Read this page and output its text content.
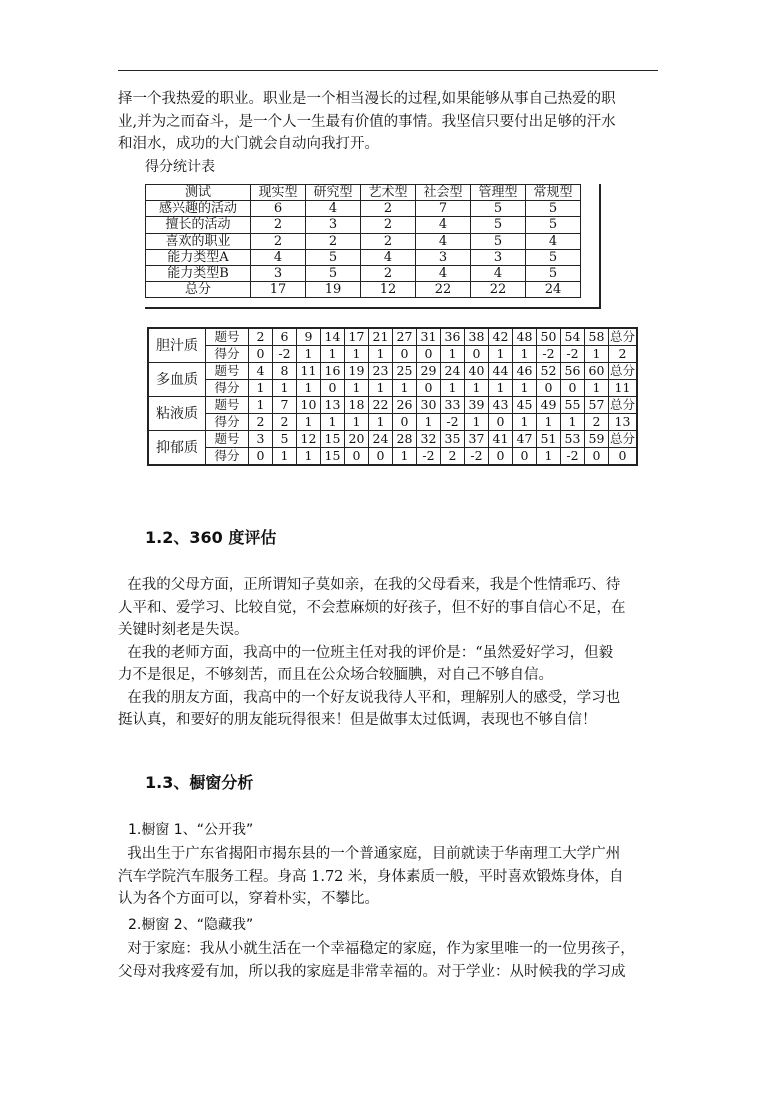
择一个我热爱的职业。职业是一个相当漫长的过程,如果能够从事自己热爱的职
业,并为之而奋斗，是一个人一生最有价值的事情。我坚信只要付出足够的汗水
和泪水，成功的大门就会自动向我打开。

得分统计表

测试	现实型	研究型	艺术型	社会型	管理型	常规型
感兴趣的活动	6	4	2	7	5	5
擅长的活动	2	3	2	4	5	5
喜欢的职业	2	2	2	4	5	4
能力类型A	4	5	4	3	3	5
能力类型B	3	5	2	4	4	5
总分	17	19	12	22	22	24
胆汁质	题号	2	6	9	14	17	21	27	31	36	38	42	48	50	54	58	总分
	得分	0	-2	1	1	1	1	0	0	1	0	1	1	-2	-2	1	2
多血质	题号	4	8	11	16	19	23	25	29	24	40	44	46	52	56	60	总分
	得分	1	1	1	0	1	1	1	0	1	1	1	1	0	0	1	11
粘液质	题号	1	7	10	13	18	22	26	30	33	39	43	45	49	55	57	总分
	得分	2	2	1	1	1	1	0	1	-2	1	0	1	1	1	2	13
抑郁质	题号	3	5	12	15	20	24	28	32	35	37	41	47	51	53	59	总分
	得分	0	1	1	15	0	0	1	-2	2	-2	0	0	1	-2	0	0

1.2、360 度评估

在我的父母方面，正所谓知子莫如亲，在我的父母看来，我是个性情乖巧、待
人平和、爱学习、比较自觉，不会惹麻烦的好孩子，但不好的事自信心不足，在
关键时刻老是失误。
在我的老师方面，我高中的一位班主任对我的评价是：“虽然爱好学习，但毅
力不是很足，不够刻苦，而且在公众场合较腼腆，对自己不够自信。
在我的朋友方面，我高中的一个好友说我待人平和，理解别人的感受，学习也
挺认真，和要好的朋友能玩得很来！但是做事太过低调，表现也不够自信！

1.3、橱窗分析

1.橱窗 1、“公开我”

我出生于广东省揭阳市揭东县的一个普通家庭，目前就读于华南理工大学广州
汽车学院汽车服务工程。身高 1.72 米，身体素质一般，平时喜欢锻炼身体，自
认为各个方面可以，穿着朴实，不攀比。

2.橱窗 2、“隐藏我”

对于家庭：我从小就生活在一个幸福稳定的家庭，作为家里唯一的一位男孩子，
父母对我疼爱有加，所以我的家庭是非常幸福的。对于学业：从时候我的学习成
